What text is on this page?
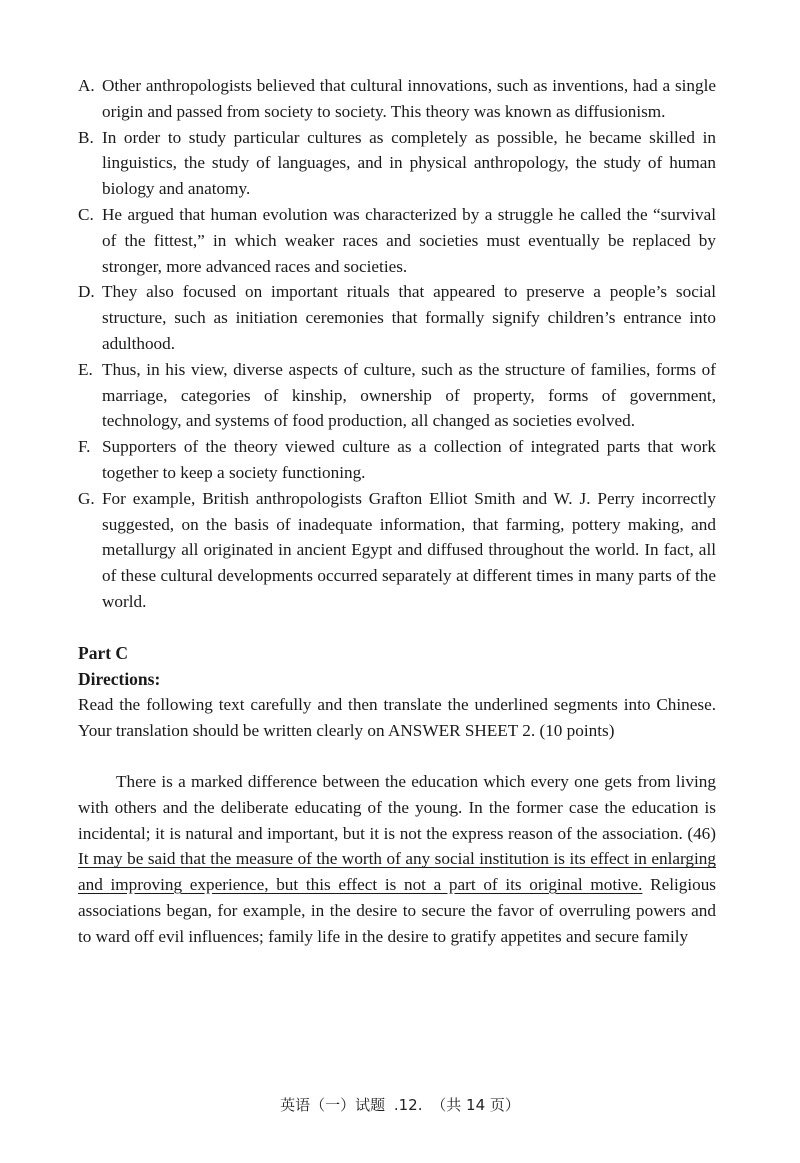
A. Other anthropologists believed that cultural innovations, such as inventions, had a single origin and passed from society to society. This theory was known as diffusionism.
B. In order to study particular cultures as completely as possible, he became skilled in linguistics, the study of languages, and in physical anthropology, the study of human biology and anatomy.
C. He argued that human evolution was characterized by a struggle he called the “survival of the fittest,” in which weaker races and societies must eventually be replaced by stronger, more advanced races and societies.
D. They also focused on important rituals that appeared to preserve a people’s social structure, such as initiation ceremonies that formally signify children’s entrance into adulthood.
E. Thus, in his view, diverse aspects of culture, such as the structure of families, forms of marriage, categories of kinship, ownership of property, forms of government, technology, and systems of food production, all changed as societies evolved.
F. Supporters of the theory viewed culture as a collection of integrated parts that work together to keep a society functioning.
G. For example, British anthropologists Grafton Elliot Smith and W. J. Perry incorrectly suggested, on the basis of inadequate information, that farming, pottery making, and metallurgy all originated in ancient Egypt and diffused throughout the world. In fact, all of these cultural developments occurred separately at different times in many parts of the world.
Part C
Directions:

Read the following text carefully and then translate the underlined segments into Chinese. Your translation should be written clearly on ANSWER SHEET 2. (10 points)

There is a marked difference between the education which every one gets from living with others and the deliberate educating of the young. In the former case the education is incidental; it is natural and important, but it is not the express reason of the association. (46) It may be said that the measure of the worth of any social institution is its effect in enlarging and improving experience, but this effect is not a part of its original motive. Religious associations began, for example, in the desire to secure the favor of overruling powers and to ward off evil influences; family life in the desire to gratify appetites and secure family

英语（一）试题 .12. （共 14 页）
